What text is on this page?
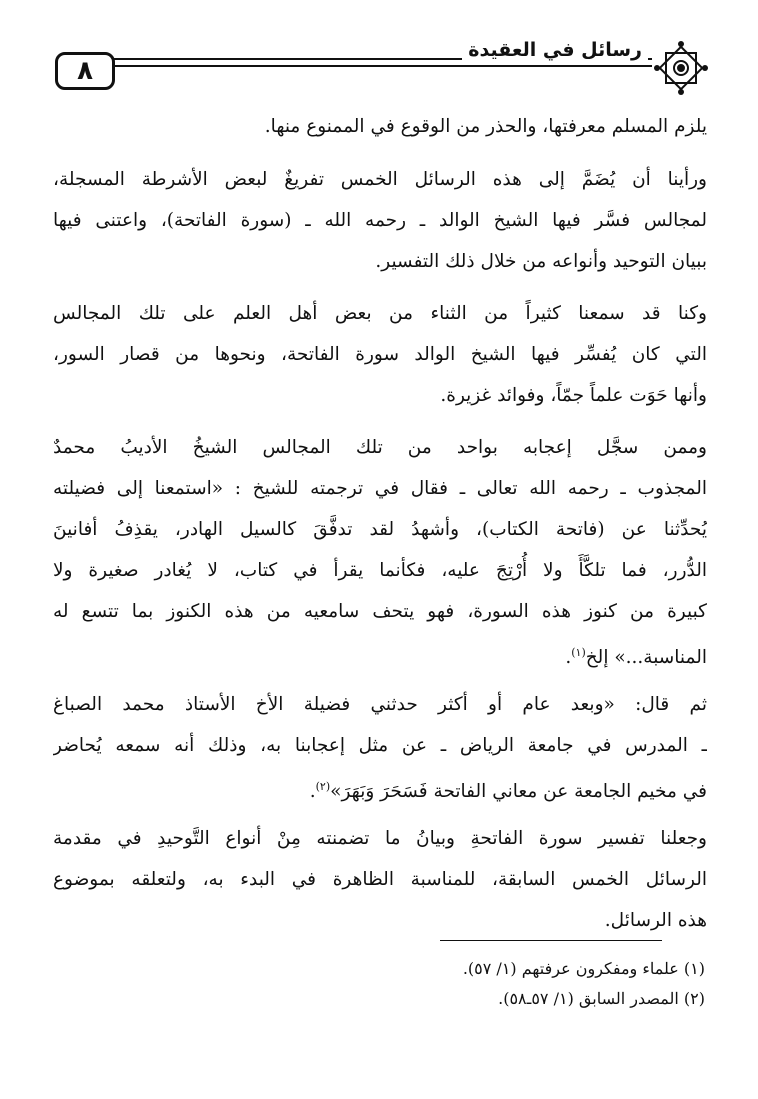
٨
رسائل في العقيدة
يلزم المسلم معرفتها، والحذر من الوقوع في الممنوع منها.
ورأينا أن يُضَمَّ إلى هذه الرسائل الخمس تفريغٌ لبعض الأشرطة المسجلة،
لمجالس فسَّر فيها الشيخ الوالد ـ رحمه الله ـ (سورة الفاتحة)، واعتنى فيها
ببيان التوحيد وأنواعه من خلال ذلك التفسير.
وكنا قد سمعنا كثيراً من الثناء من بعض أهل العلم على تلك المجالس
التي كان يُفسِّر فيها الشيخ الوالد سورة الفاتحة، ونحوها من قصار السور،
وأنها حَوَت علماً جمّاً، وفوائد غزيرة.
وممن سجَّل إعجابه بواحد من تلك المجالس الشيخُ الأديبُ محمدٌ
المجذوب ـ رحمه الله تعالى ـ فقال في ترجمته للشيخ : «استمعنا إلى فضيلته
يُحدِّثنا عن (فاتحة الكتاب)، وأشهدُ لقد تدفَّقَ كالسيل الهادر، يقذِفُ أفانينَ
الدُّرر، فما تلكَّأَ ولا أُرْتِجَ عليه، فكأنما يقرأ في كتاب، لا يُغادر صغيرة ولا
كبيرة من كنوز هذه السورة، فهو يتحف سامعيه من هذه الكنوز بما تتسع له
المناسبة...» إلخ$^{(١)}$.
ثم قال: «وبعد عام أو أكثر حدثني فضيلة الأخ الأستاذ محمد الصباغ
ـ المدرس في جامعة الرياض ـ عن مثل إعجابنا به، وذلك أنه سمعه يُحاضر
في مخيم الجامعة عن معاني الفاتحة فَسَحَرَ وَبَهَرَ»$^{(٢)}$.
وجعلنا تفسير سورة الفاتحةِ وبيانُ ما تضمنته مِنْ أنواع التَّوحيدِ في مقدمة
الرسائل الخمس السابقة، للمناسبة الظاهرة في البدء به، ولتعلقه بموضوع
هذه الرسائل.
(١) علماء ومفكرون عرفتهم (١/ ٥٧).
(٢) المصدر السابق (١/ ٥٧ـ٥٨).
